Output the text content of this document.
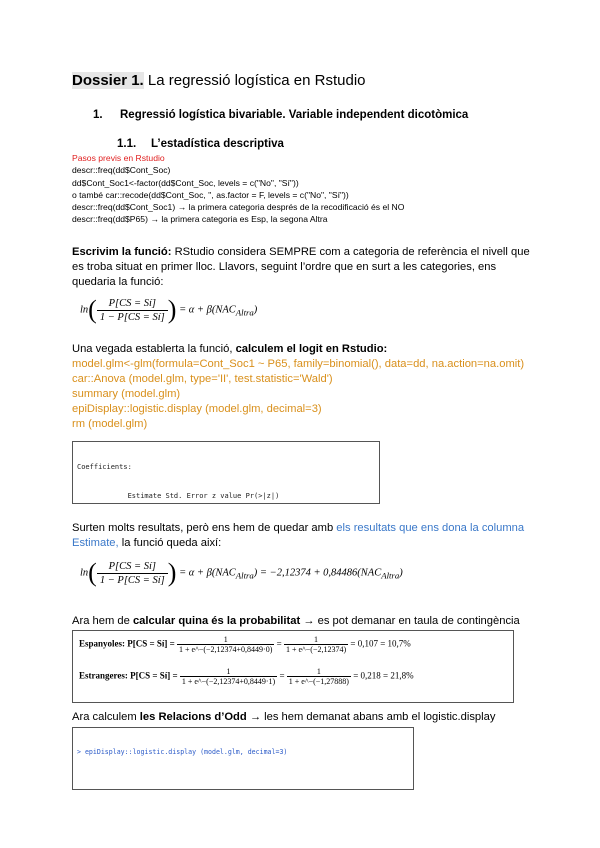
Dossier 1. La regressió logística en Rstudio
1. Regressió logística bivariable. Variable independent dicotòmica
1.1. L’estadística descriptiva
Pasos previs en Rstudio
descr::freq(dd$Cont_Soc)
dd$Cont_Soc1<-factor(dd$Cont_Soc, levels = c("No", "Sí"))
o també car::recode(dd$Cont_Soc, '', as.factor = F, levels = c("No", "Sí"))
descr::freq(dd$Cont_Soc1) → la primera categoria després de la recodificació és el NO
descr::freq(dd$P65) → la primera categoria es Esp, la segona Altra
Escrivim la funció: RStudio considera SEMPRE com a categoria de referència el nivell que es troba situat en primer lloc. Llavors, seguint l’ordre que en surt a les categories, ens quedaria la funció:
$\ln( \frac{P[CS = Sí]}{1 - P[CS = Sí]}$ ) = $\alpha + \beta(NAC_{Altra})$
Una vegada establerta la funció, calculem el logit en Rstudio:
model.glm<-glm(formula=Cont_Soc1 ~ P65, family=binomial(), data=dd, na.action=na.omit)
car::Anova (model.glm, type='II', test.statistic='Wald')
summary (model.glm)
epiDisplay::logistic.display (model.glm, decimal=3)
rm (model.glm)

Coefficients:

Estimate Std. Error z value Pr(>|z|)

Surten molts resultats, però ens hem de quedar amb els resultats que ens dona la columna Estimate, la funció queda així:
$\ln( \frac{P[CS = Sí]}{1 - P[CS = Sí]}$ ) = $\alpha + \beta(NAC_{Altra}) = -2,12374 + 0,84486(NAC_{Altra})$
Ara hem de calcular quina és la probabilitat → es pot demanar en taula de contingència
Espanyoles: P[CS = Sí] = $\frac{1}{1 + e\^{}-(-2,12374+0,8449\cdot 0)} = \frac{1}{1 + e\^{}-(-2,12374)} = 0,107 = 10,7\%$
Estrangeres: P[CS = Sí] = $\frac{1}{1 + e\^{}-(-2,12374+0,8449\cdot 1)} = \frac{1}{1 + e\^{}-(-1,27888)} = 0,218 = 21,8\%$
Ara calculem les Relacions d’Odd → les hem demanat abans amb el logistic.display

> epiDisplay::logistic.display (model.glm, decimal=3)
